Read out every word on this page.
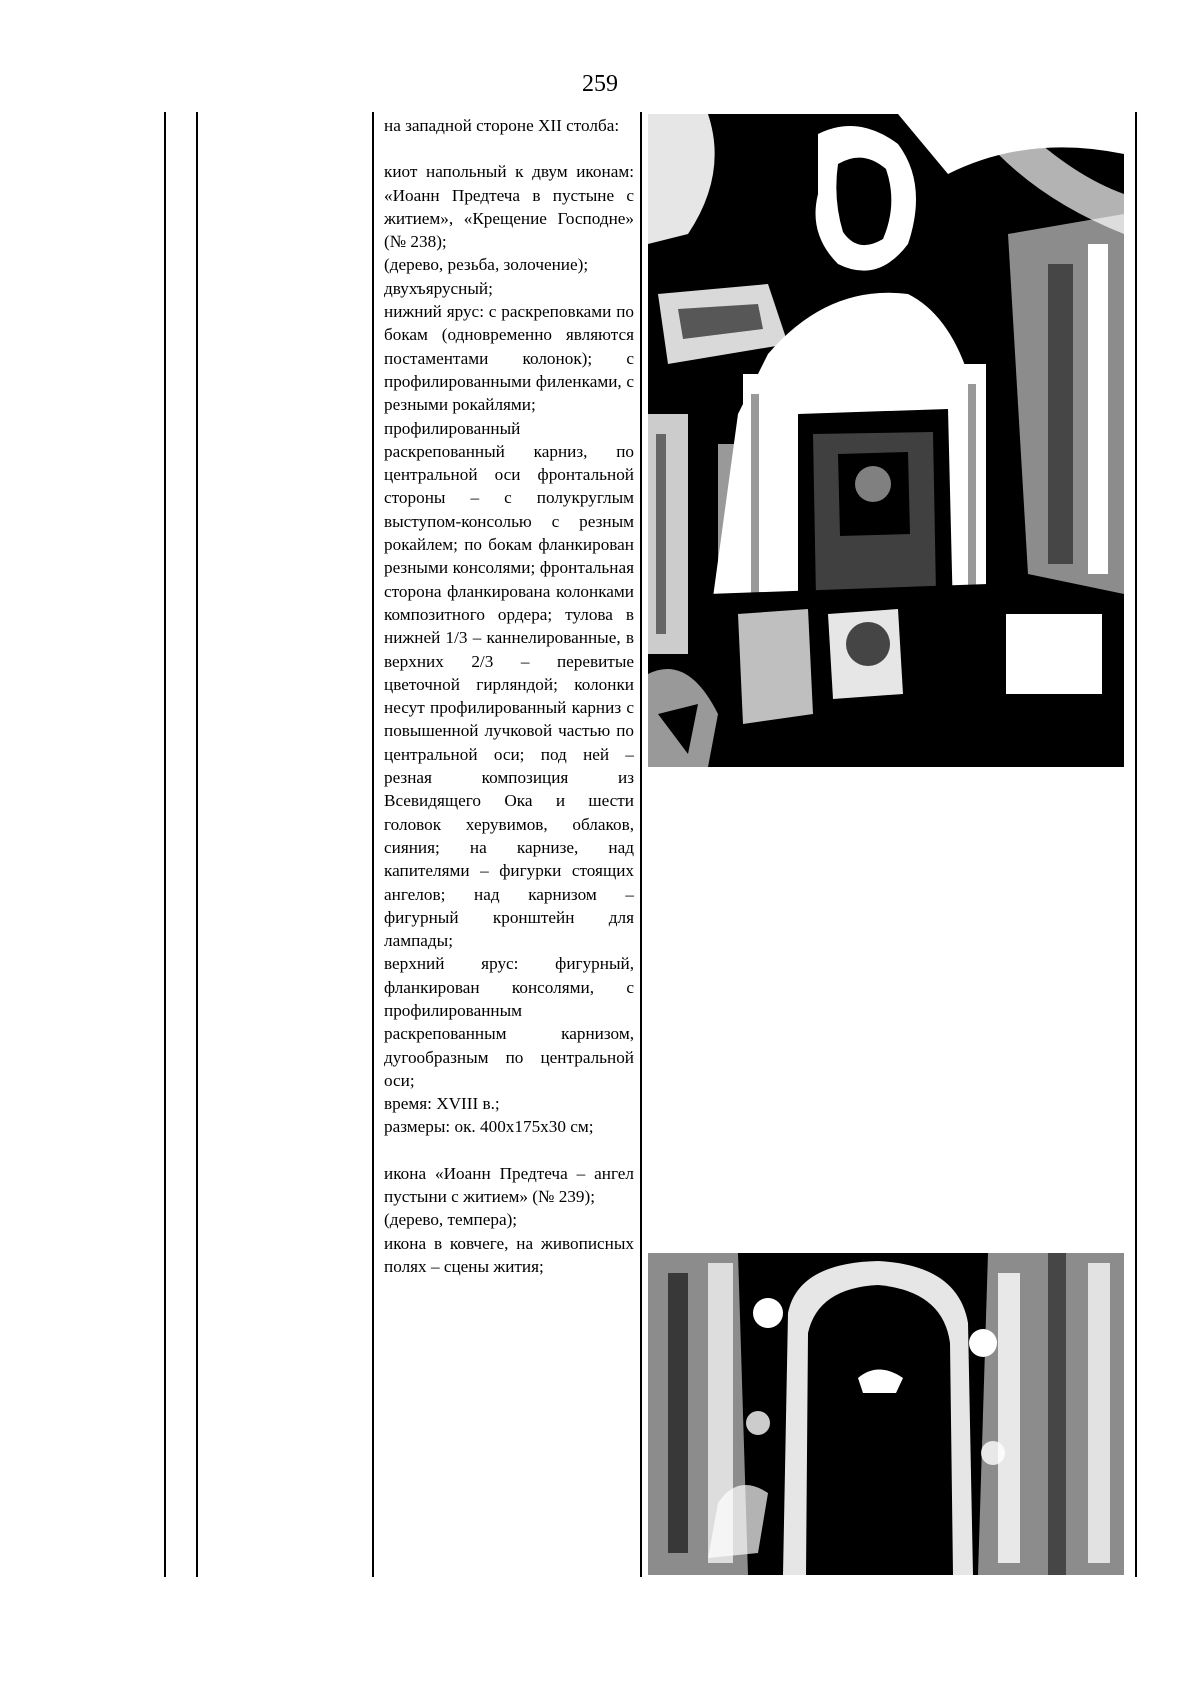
259

на западной стороне XII столба:

киот напольный к двум иконам: «Иоанн Предтеча в пустыне с житием», «Крещение Господне» (№ 238);

(дерево, резьба, золочение);

двухъярусный;

нижний ярус: с раскреповками по бокам (одновременно являются постаментами колонок); с профилированными филенками, с резными рокайлями;

профилированный раскрепованный карниз, по центральной оси фронтальной стороны – с полукруглым выступом-консолью с резным рокайлем; по бокам фланкирован резными консолями; фронтальная сторона фланкирована колонками композитного ордера; тулова в нижней 1/3 – каннелированные, в верхних 2/3 – перевитые цветочной гирляндой; колонки несут профилированный карниз с повышенной лучковой частью по центральной оси; под ней – резная композиция из Всевидящего Ока и шести головок херувимов, облаков, сияния; на карнизе, над капителями – фигурки стоящих ангелов; над карнизом – фигурный кронштейн для лампады;

верхний ярус: фигурный, фланкирован консолями, с профилированным раскрепованным карнизом, дугообразным по центральной оси;

время: XVIII в.;

размеры: ок. 400х175х30 см;

икона «Иоанн Предтеча – ангел пустыни с житием» (№ 239);

(дерево, темпера);

икона в ковчеге, на живописных полях – сцены жития;
